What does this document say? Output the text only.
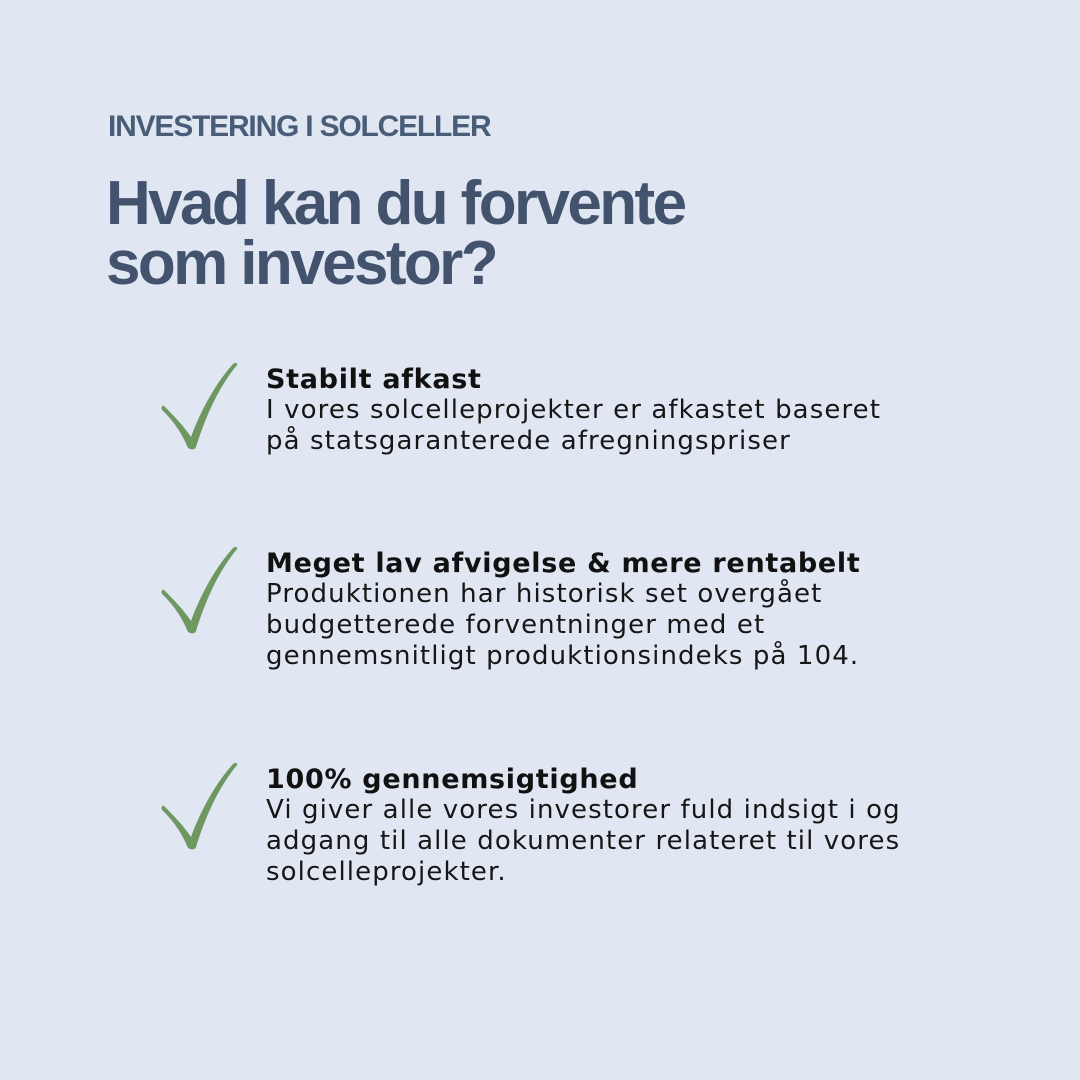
INVESTERING I SOLCELLER
Hvad kan du forvente
som investor?
Stabilt afkast
I vores solcelleprojekter er afkastet baseret
på statsgaranterede afregningspriser
Meget lav afvigelse & mere rentabelt
Produktionen har historisk set overgået
budgetterede forventninger med et
gennemsnitligt produktionsindeks på 104.
100% gennemsigtighed
Vi giver alle vores investorer fuld indsigt i og
adgang til alle dokumenter relateret til vores
solcelleprojekter.
